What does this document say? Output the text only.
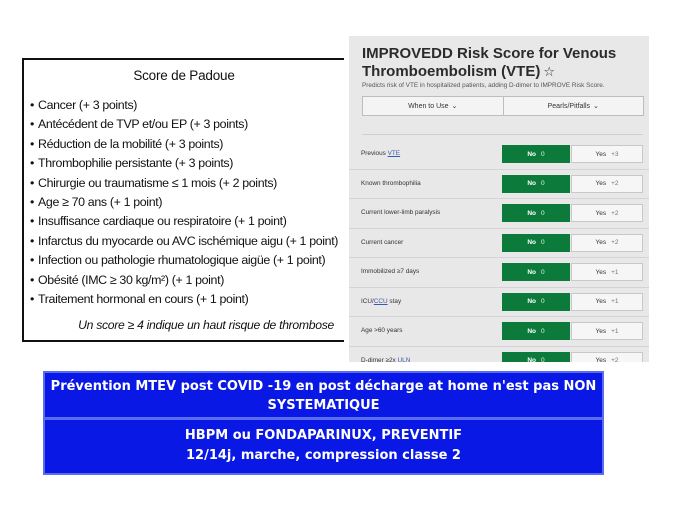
Score de Padoue
• Cancer (+ 3 points)
• Antécédent de TVP et/ou EP (+ 3 points)
• Réduction de la mobilité (+ 3 points)
• Thrombophilie persistante (+ 3 points)
• Chirurgie ou traumatisme ≤ 1 mois (+ 2 points)
• Age ≥ 70 ans (+ 1 point)
• Insuffisance cardiaque ou respiratoire (+ 1 point)
• Infarctus du myocarde ou AVC ischémique aigu (+ 1 point)
• Infection ou pathologie rhumatologique aigüe (+ 1 point)
• Obésité (IMC ≥ 30 kg/m²) (+ 1 point)
• Traitement hormonal en cours (+ 1 point)
Un score ≥ 4 indique un haut risque de thrombose
IMPROVEDD Risk Score for Venous Thromboembolism (VTE) ☆
Predicts risk of VTE in hospitalized patients, adding D-dimer to IMPROVE Risk Score.
When to Use ⌄	Pearls/Pitfalls ⌄
Previous VTE	No 0	Yes +3
Known thrombophilia	No 0	Yes +2
Current lower-limb paralysis	No 0	Yes +2
Current cancer	No 0	Yes +2
Immobilized ≥7 days	No 0	Yes +1
ICU/CCU stay	No 0	Yes +1
Age >60 years	No 0	Yes +1
D-dimer ≥2x ULN	No 0	Yes +2
Prévention MTEV post COVID -19 en post décharge at home n'est pas NON
SYSTEMATIQUE
HBPM ou FONDAPARINUX, PREVENTIF
12/14j, marche, compression classe 2
